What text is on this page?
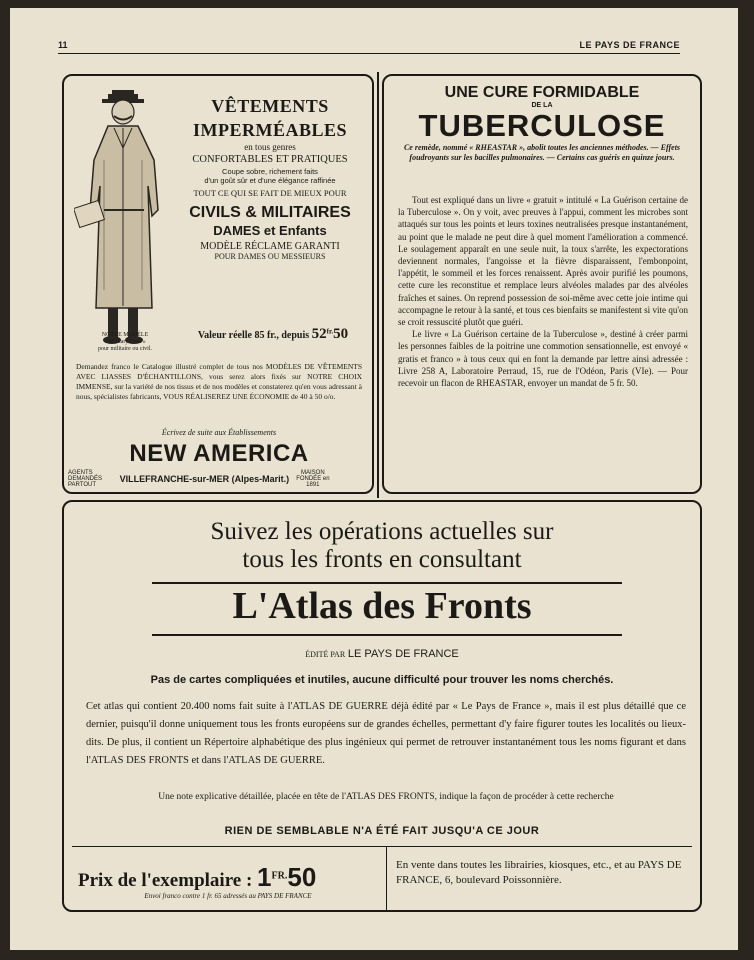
11	LE PAYS DE FRANCE

VÊTEMENTS

IMPERMÉABLES

en tous genres
CONFORTABLES ET PRATIQUES
Coupe sobre, richement faits
d'un goût sûr et d'une élégance raffinée
TOUT CE QUI SE FAIT DE MIEUX POUR
CIVILS & MILITAIRES
DAMES et Enfants
MODÈLE RÉCLAME GARANTI
POUR DAMES OU MESSIEURS
NOTRE MODÈLE
« Military Coat »
pour militaire ou civil.
Valeur réelle 85 fr., depuis $52^{fr.}50$
Demandez franco le Catalogue illustré complet de tous nos MODÈLES DE VÊTEMENTS AVEC LIASSES D'ÉCHANTILLONS, vous serez alors fixés sur NOTRE CHOIX IMMENSE, sur la variété de nos tissus et de nos modèles et constaterez qu'en vous adressant à nous, spécialistes fabricants, VOUS RÉALISEREZ UNE ÉCONOMIE de 40 à 50 o/o.
Écrivez de suite aux Établissements
NEW AMERICA
AGENTS DEMANDÉS PARTOUT VILLEFRANCHE-sur-MER (Alpes-Marit.) MAISON FONDÉE en 1891

UNE CURE FORMIDABLE

DE LA
TUBERCULOSE
Ce remède, nommé « RHEASTAR », abolit toutes les anciennes méthodes. — Effets foudroyants sur les bacilles pulmonaires. — Certains cas guéris en quinze jours.

Tout est expliqué dans un livre « gratuit » intitulé « La Guérison certaine de la Tuberculose ». On y voit, avec preuves à l'appui, comment les microbes sont attaqués sur tous les points et leurs toxines neutralisées presque instantanément, au point que le malade ne peut dire à quel moment l'amélioration a commencé. Le soulagement apparaît en une seule nuit, la toux s'arrête, les expectorations deviennent normales, l'angoisse et la fièvre disparaissent, l'embonpoint, l'appétit, le sommeil et les forces renaissent. Après avoir purifié les poumons, cette cure les reconstitue et remplace leurs alvéoles malades par des alvéoles fraîches et saines. On reprend possession de soi-même avec cette joie intime qui accompagne le retour à la santé, et tous ces bienfaits se manifestent si vite qu'on se croit ressuscité plutôt que guéri.

Le livre « La Guérison certaine de la Tuberculose », destiné à créer parmi les personnes faibles de la poitrine une commotion sensationnelle, est envoyé « gratis et franco » à tous ceux qui en font la demande par lettre ainsi adressée : Livre 258 A, Laboratoire Perraud, 15, rue de l'Odéon, Paris (VIe). — Pour recevoir un flacon de RHEASTAR, envoyer un mandat de 5 fr. 50.

Suivez les opérations actuelles sur
tous les fronts en consultant
L'Atlas des Fronts
ÉDITÉ PAR LE PAYS DE FRANCE
Pas de cartes compliquées et inutiles, aucune difficulté pour trouver les noms cherchés.
Cet atlas qui contient 20.400 noms fait suite à l'ATLAS DE GUERRE déjà édité par « Le Pays de France », mais il est plus détaillé que ce dernier, puisqu'il donne uniquement tous les fronts européens sur de grandes échelles, permettant d'y faire figurer toutes les localités ou lieux-dits. De plus, il contient un Répertoire alphabétique des plus ingénieux qui permet de retrouver instantanément tous les noms figurant et dans l'ATLAS DES FRONTS et dans l'ATLAS DE GUERRE.
Une note explicative détaillée, placée en tête de l'ATLAS DES FRONTS, indique la façon de procéder à cette recherche
RIEN DE SEMBLABLE N'A ÉTÉ FAIT JUSQU'A CE JOUR
Prix de l'exemplaire : $1^{FR.}50$
Envoi franco contre 1 fr. 65 adressés au PAYS DE FRANCE
En vente dans toutes les librairies, kiosques, etc., et au PAYS DE FRANCE, 6, boulevard Poissonnière.
